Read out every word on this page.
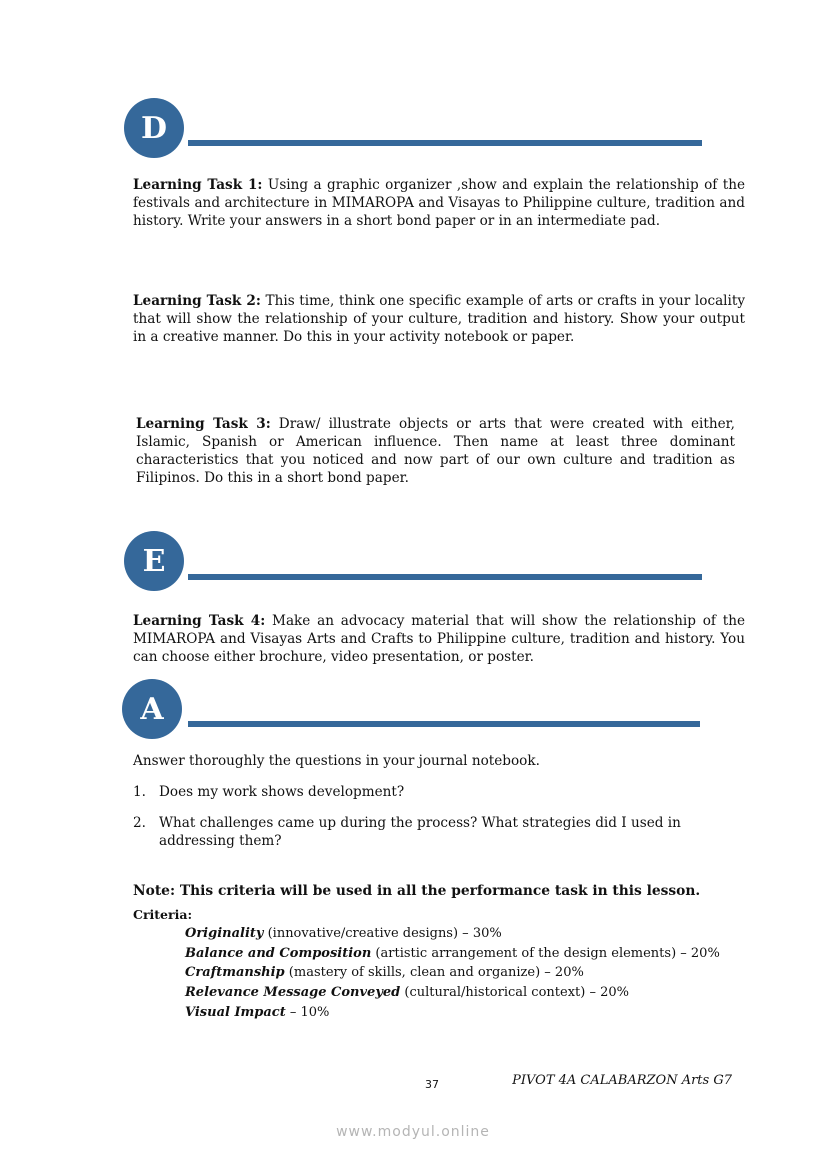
D
Learning Task 1: Using a graphic organizer ,show and explain the relationship of the festivals and architecture in MIMAROPA and Visayas to Philippine culture, tradition and history. Write your answers in a short bond paper or in an intermediate pad.
Learning Task 2: This time, think one specific example of arts or crafts in your locality that will show the relationship of your culture, tradition and history. Show your output in a creative manner. Do this in your activity notebook or paper.
Learning Task 3: Draw/ illustrate objects or arts that were created with either, Islamic, Spanish or American influence. Then name at least three dominant characteristics that you noticed and now part of our own culture and tradition as Filipinos. Do this in a short bond paper.
E
Learning Task 4: Make an advocacy material that will show the relationship of the MIMAROPA and Visayas Arts and Crafts to Philippine culture, tradition and history. You can choose either brochure, video presentation, or poster.
A
Answer thoroughly the questions in your journal notebook.
1. Does my work shows development?
2. What challenges came up during the process? What strategies did I used in addressing them?
Note: This criteria will be used in all the performance task in this lesson.
Criteria:
Originality (innovative/creative designs) – 30%
Balance and Composition (artistic arrangement of the design elements) – 20%
Craftmanship (mastery of skills, clean and organize) – 20%
Relevance Message Conveyed (cultural/historical context) – 20%
Visual Impact – 10%
37	PIVOT 4A CALABARZON Arts G7
www.modyul.online
